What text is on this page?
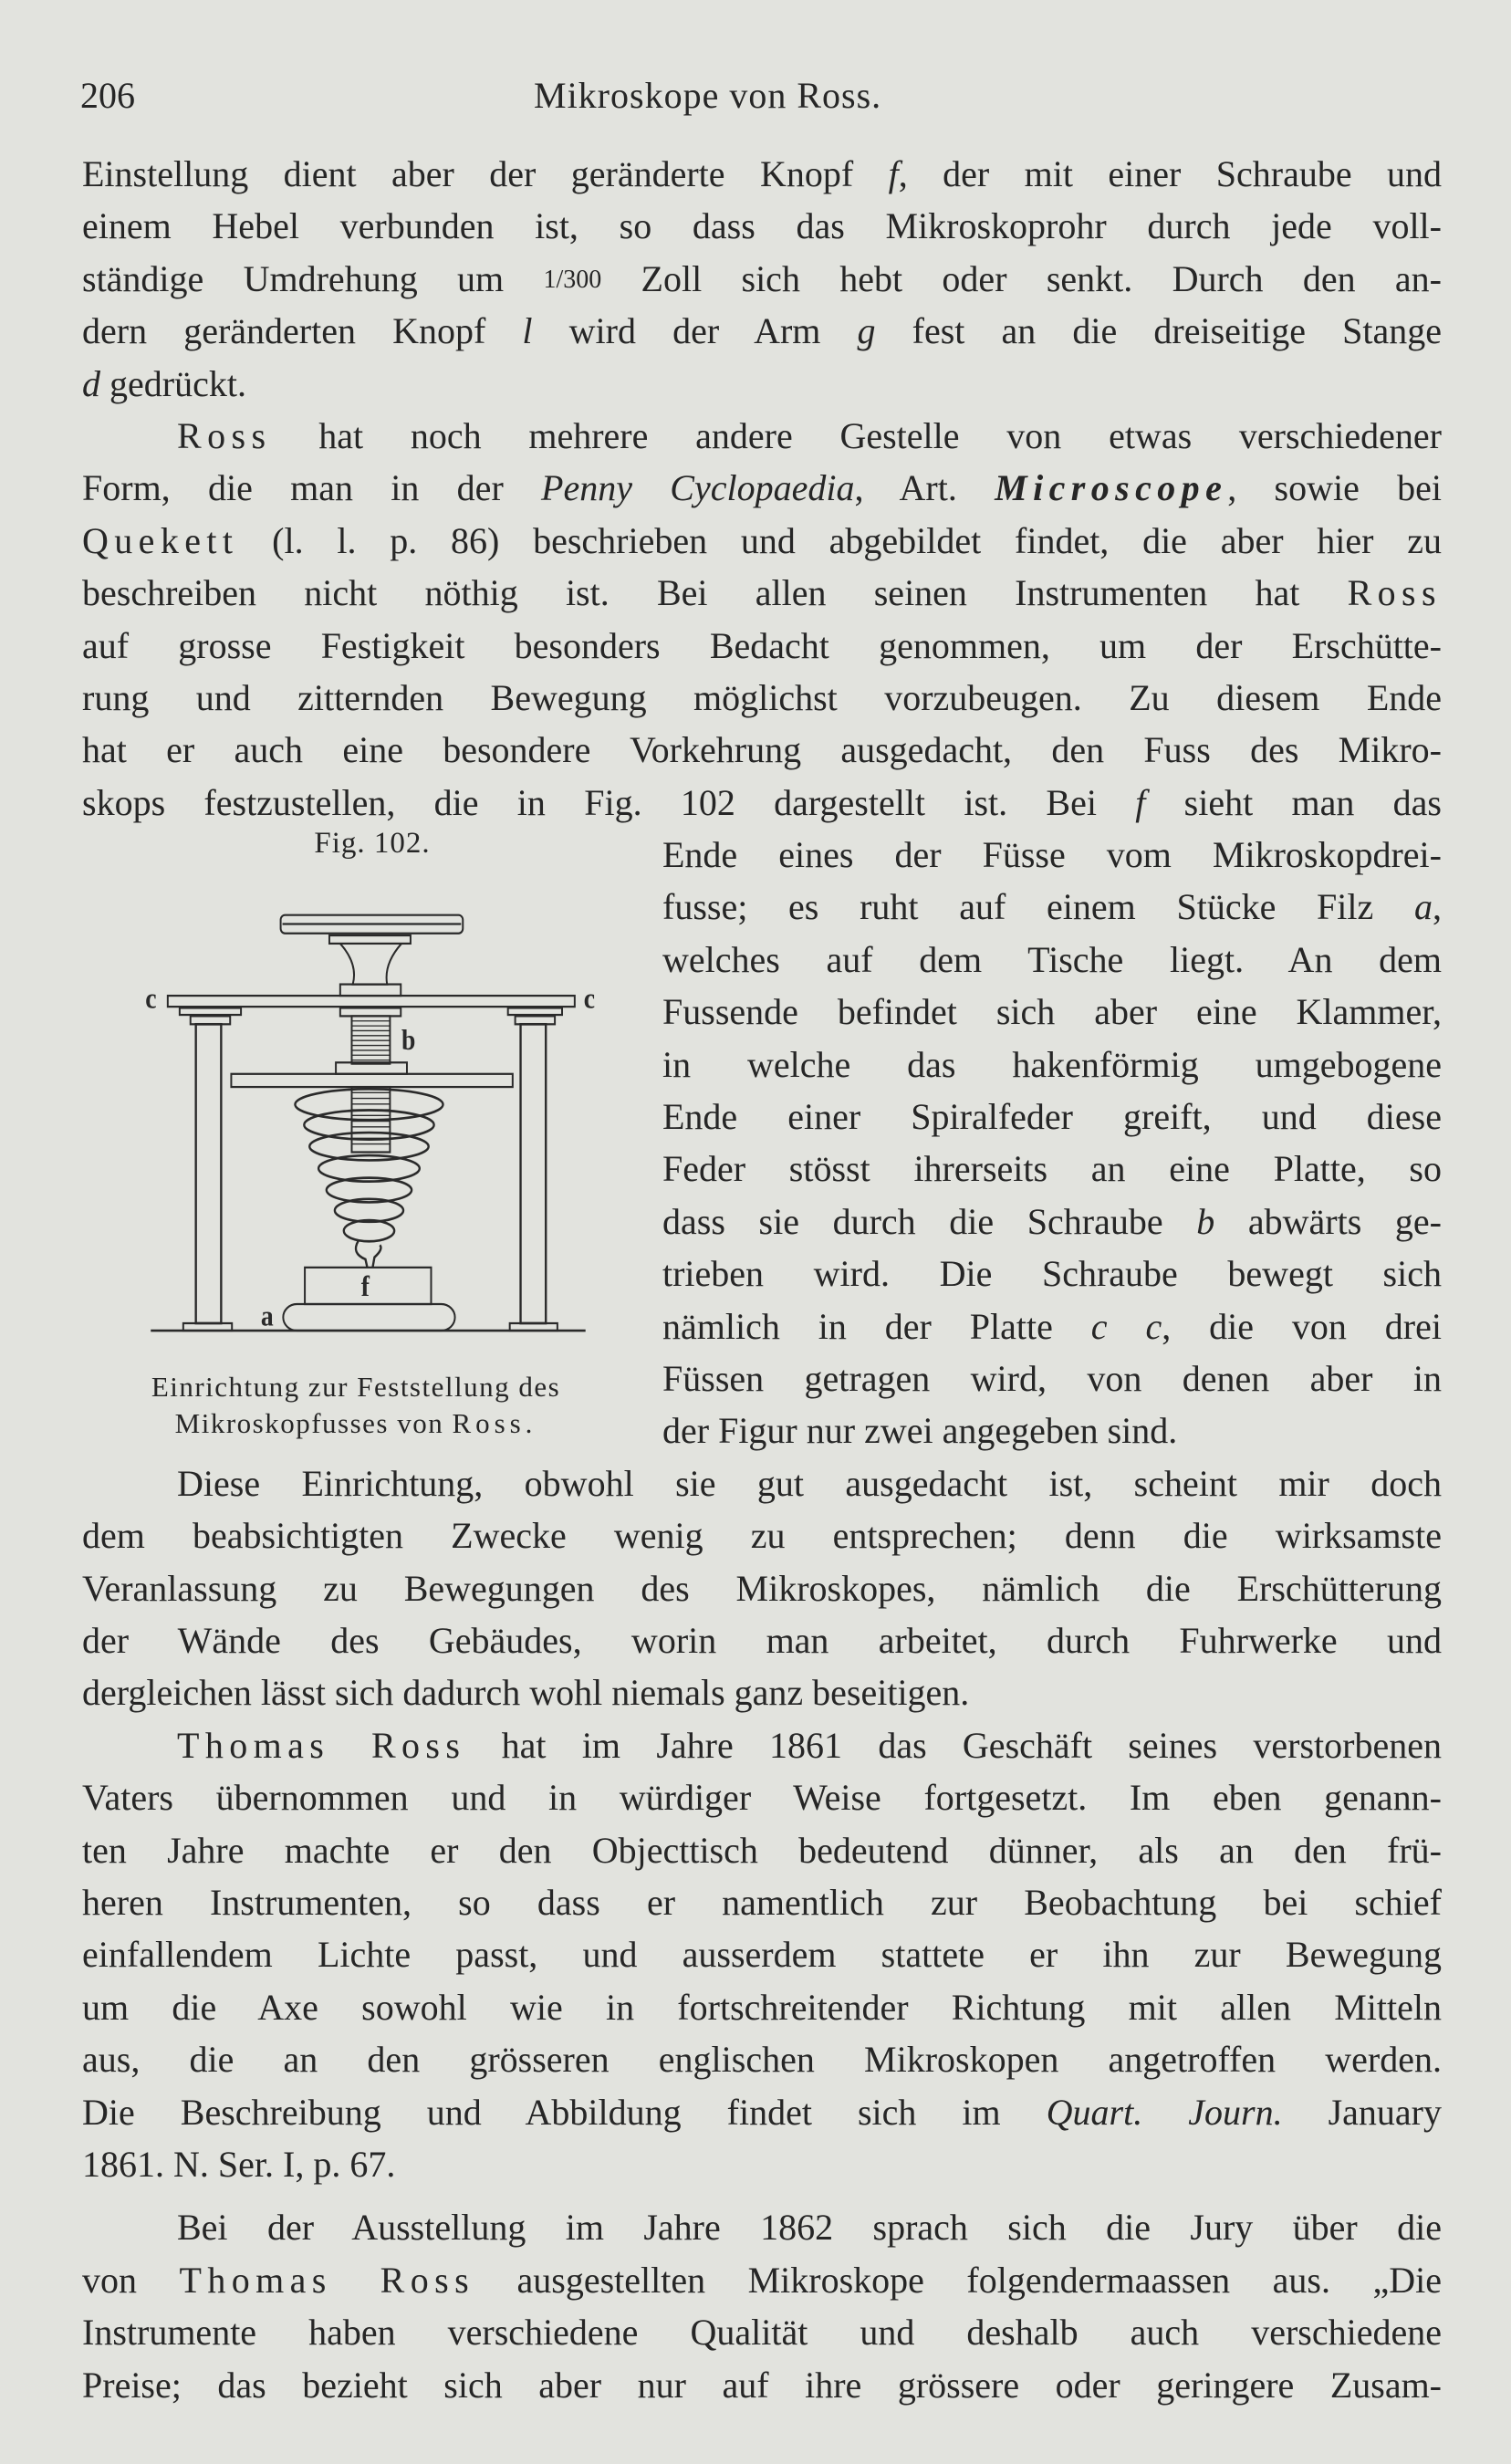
206	Mikroskope von Ross.
Einstellung dient aber der geränderte Knopf f, der mit einer Schraube und
einem Hebel verbunden ist, so dass das Mikroskoprohr durch jede voll-
ständige Umdrehung um 1/300 Zoll sich hebt oder senkt. Durch den an-
dern geränderten Knopf l wird der Arm g fest an die dreiseitige Stange
d gedrückt.
Ross hat noch mehrere andere Gestelle von etwas verschiedener
Form, die man in der Penny Cyclopaedia, Art. Microscope, sowie bei
Quekett (l. l. p. 86) beschrieben und abgebildet findet, die aber hier zu
beschreiben nicht nöthig ist. Bei allen seinen Instrumenten hat Ross
auf grosse Festigkeit besonders Bedacht genommen, um der Erschütte-
rung und zitternden Bewegung möglichst vorzubeugen. Zu diesem Ende
hat er auch eine besondere Vorkehrung ausgedacht, den Fuss des Mikro-
skops festzustellen, die in Fig. 102 dargestellt ist. Bei f sieht man das
Fig. 102.
c	c
b
f
a
Einrichtung zur Feststellung des
Mikroskopfusses von Ross.
Ende eines der Füsse vom Mikroskopdrei-
fusse; es ruht auf einem Stücke Filz a,
welches auf dem Tische liegt. An dem
Fussende befindet sich aber eine Klammer,
in welche das hakenförmig umgebogene
Ende einer Spiralfeder greift, und diese
Feder stösst ihrerseits an eine Platte, so
dass sie durch die Schraube b abwärts ge-
trieben wird. Die Schraube bewegt sich
nämlich in der Platte c c, die von drei
Füssen getragen wird, von denen aber in
der Figur nur zwei angegeben sind.
Diese Einrichtung, obwohl sie gut ausgedacht ist, scheint mir doch
dem beabsichtigten Zwecke wenig zu entsprechen; denn die wirksamste
Veranlassung zu Bewegungen des Mikroskopes, nämlich die Erschütterung
der Wände des Gebäudes, worin man arbeitet, durch Fuhrwerke und
dergleichen lässt sich dadurch wohl niemals ganz beseitigen.
Thomas Ross hat im Jahre 1861 das Geschäft seines verstorbenen
Vaters übernommen und in würdiger Weise fortgesetzt. Im eben genann-
ten Jahre machte er den Objecttisch bedeutend dünner, als an den frü-
heren Instrumenten, so dass er namentlich zur Beobachtung bei schief
einfallendem Lichte passt, und ausserdem stattete er ihn zur Bewegung
um die Axe sowohl wie in fortschreitender Richtung mit allen Mitteln
aus, die an den grösseren englischen Mikroskopen angetroffen werden.
Die Beschreibung und Abbildung findet sich im Quart. Journ. January
1861. N. Ser. I, p. 67.
Bei der Ausstellung im Jahre 1862 sprach sich die Jury über die
von Thomas Ross ausgestellten Mikroskope folgendermaassen aus. „Die
Instrumente haben verschiedene Qualität und deshalb auch verschiedene
Preise; das bezieht sich aber nur auf ihre grössere oder geringere Zusam-
